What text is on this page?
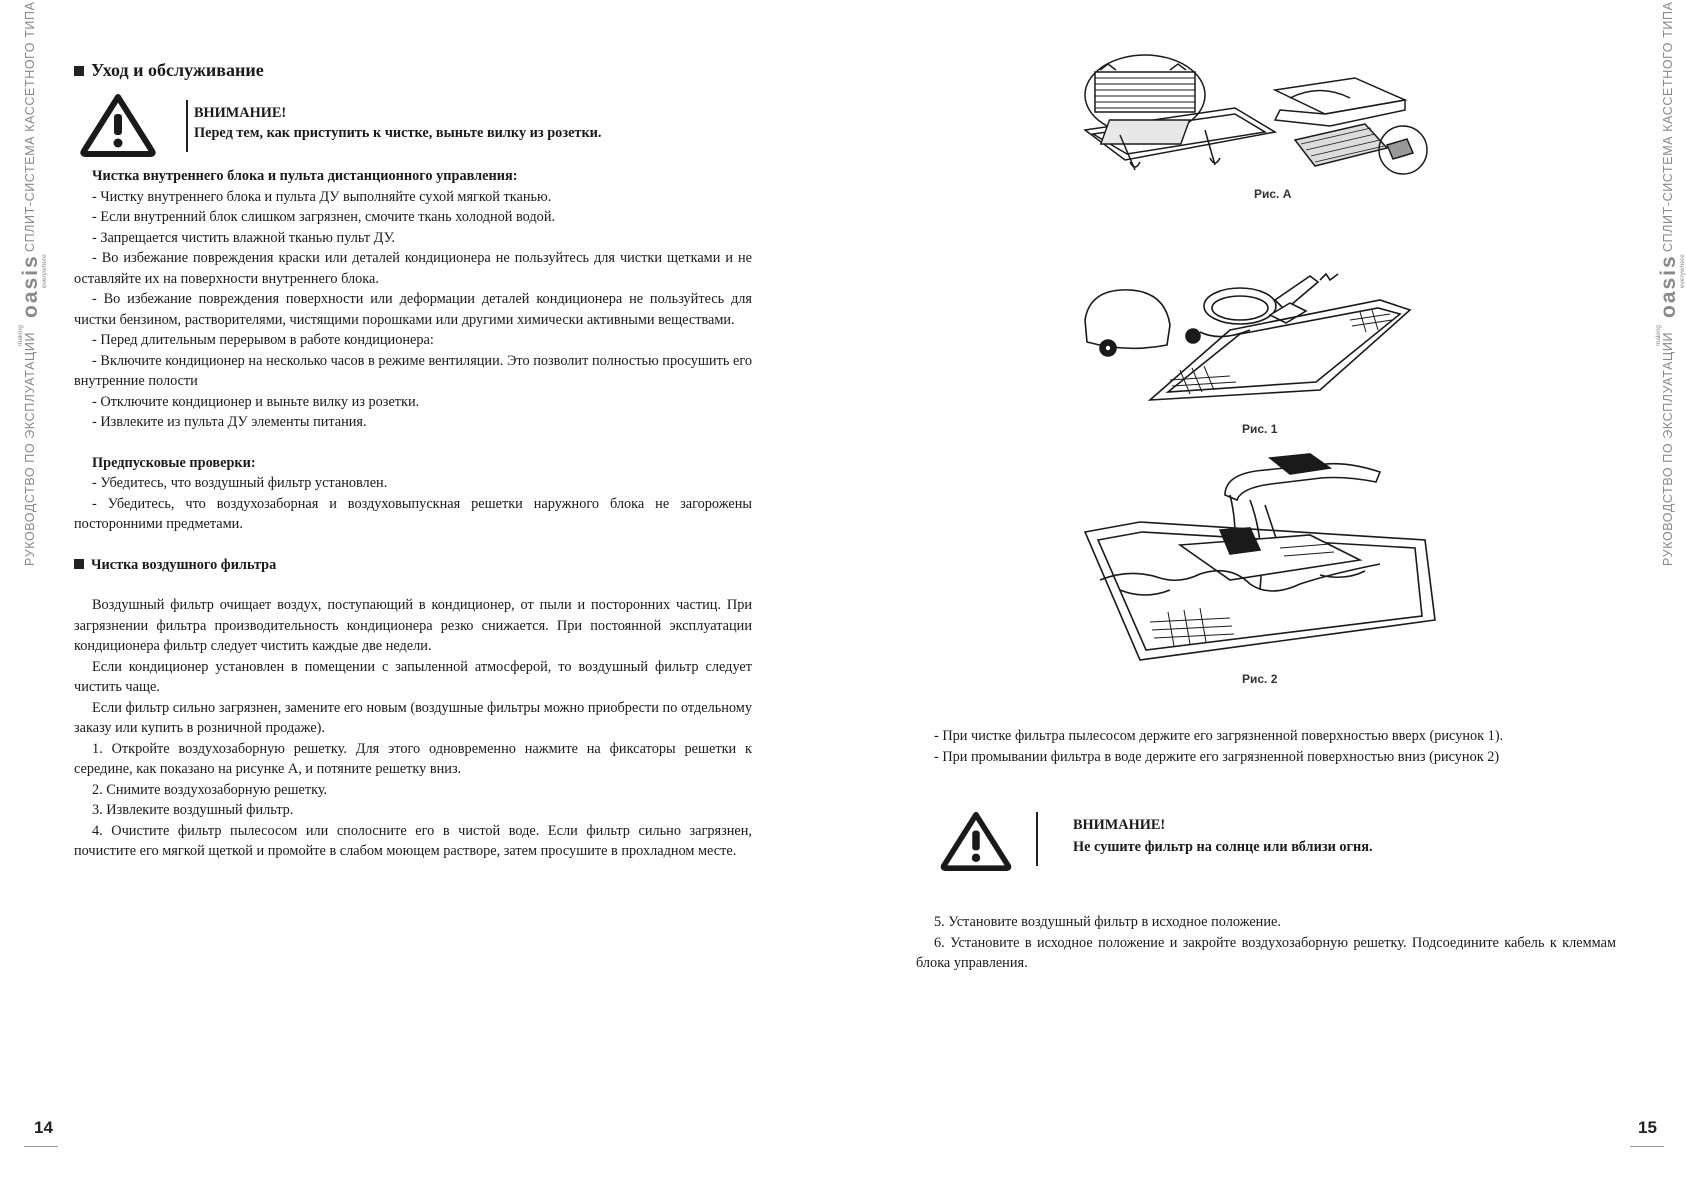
РУКОВОДСТВО ПО ЭКСПЛУАТАЦИИ
oasis
making
everywhere
СПЛИТ-СИСТЕМА КАССЕТНОГО ТИПА
РУКОВОДСТВО ПО ЭКСПЛУАТАЦИИ
oasis
making
everywhere
СПЛИТ-СИСТЕМА КАССЕТНОГО ТИПА
14	15
Уход и обслуживание
ВНИМАНИЕ!
Перед тем, как приступить к чистке, выньте вилку из розетки.
Чистка внутреннего блока и пульта дистанционного управления:

- Чистку внутреннего блока и пульта ДУ выполняйте сухой мягкой тканью.

- Если внутренний блок слишком загрязнен, смочите ткань холодной водой.

- Запрещается чистить влажной тканью пульт ДУ.

- Во избежание повреждения краски или деталей кондиционера не пользуйтесь для чистки щетками и не оставляйте их на поверхности внутреннего блока.

- Во избежание повреждения поверхности или деформации деталей кондиционера не пользуйтесь для чистки бензином, растворителями, чистящими порошками или другими химически активными веществами.

- Перед длительным перерывом в работе кондиционера:

- Включите кондиционер на несколько часов в режиме вентиляции. Это позволит полностью просушить его внутренние полости

- Отключите кондиционер и выньте вилку из розетки.

- Извлеките из пульта ДУ элементы питания.

Предпусковые проверки:

- Убедитесь, что воздушный фильтр установлен.

- Убедитесь, что воздухозаборная и воздуховыпускная решетки наружного блока не загорожены посторонними предметами.

Чистка воздушного фильтра

Воздушный фильтр очищает воздух, поступающий в кондиционер, от пыли и посторонних частиц. При загрязнении фильтра производительность кондиционера резко снижается. При постоянной эксплуатации кондиционера фильтр следует чистить каждые две недели.

Если кондиционер установлен в помещении с запыленной атмосферой, то воздушный фильтр следует чистить чаще.

Если фильтр сильно загрязнен, замените его новым (воздушные фильтры можно приобрести по отдельному заказу или купить в розничной продаже).

1. Откройте воздухозаборную решетку. Для этого одновременно нажмите на фиксаторы решетки к середине, как показано на рисунке А, и потяните решетку вниз.

2. Снимите воздухозаборную решетку.

3. Извлеките воздушный фильтр.

4. Очистите фильтр пылесосом или сполосните его в чистой воде. Если фильтр сильно загрязнен, почистите его мягкой щеткой и промойте в слабом моющем растворе, затем просушите в прохладном месте.

Рис. А
Рис. 1
Рис. 2

- При чистке фильтра пылесосом держите его загрязненной поверхностью вверх (рисунок 1).

- При промывании фильтра в воде держите его загрязненной поверхностью вниз (рисунок 2)

ВНИМАНИЕ!
Не сушите фильтр на солнце или вблизи огня.

5. Установите воздушный фильтр в исходное положение.

6. Установите в исходное положение и закройте воздухозаборную решетку. Подсоедините кабель к клеммам блока управления.
